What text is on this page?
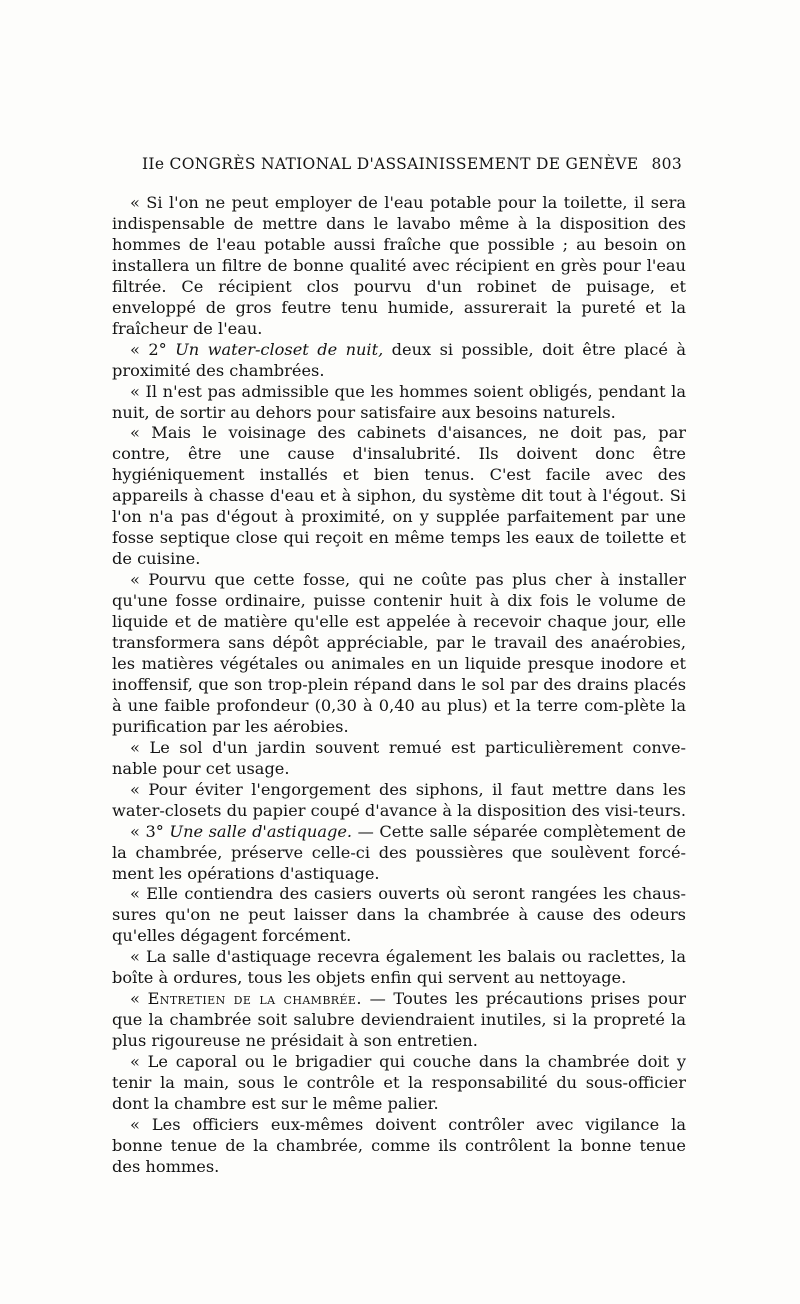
IIe CONGRÈS NATIONAL D'ASSAINISSEMENT DE GENÈVE 803

« Si l'on ne peut employer de l'eau potable pour la toilette, il sera indispensable de mettre dans le lavabo même à la disposition des hommes de l'eau potable aussi fraîche que possible ; au besoin on installera un filtre de bonne qualité avec récipient en grès pour l'eau filtrée. Ce récipient clos pourvu d'un robinet de puisage, et enveloppé de gros feutre tenu humide, assurerait la pureté et la fraîcheur de l'eau.

« 2° Un water-closet de nuit, deux si possible, doit être placé à proximité des chambrées.

« Il n'est pas admissible que les hommes soient obligés, pendant la nuit, de sortir au dehors pour satisfaire aux besoins naturels.

« Mais le voisinage des cabinets d'aisances, ne doit pas, par contre, être une cause d'insalubrité. Ils doivent donc être hygiéniquement installés et bien tenus. C'est facile avec des appareils à chasse d'eau et à siphon, du système dit tout à l'égout. Si l'on n'a pas d'égout à proximité, on y supplée parfaitement par une fosse septique close qui reçoit en même temps les eaux de toilette et de cuisine.

« Pourvu que cette fosse, qui ne coûte pas plus cher à installer qu'une fosse ordinaire, puisse contenir huit à dix fois le volume de liquide et de matière qu'elle est appelée à recevoir chaque jour, elle transformera sans dépôt appréciable, par le travail des anaérobies, les matières végétales ou animales en un liquide presque inodore et inoffensif, que son trop-plein répand dans le sol par des drains placés à une faible profondeur (0,30 à 0,40 au plus) et la terre com-plète la purification par les aérobies.

« Le sol d'un jardin souvent remué est particulièrement conve-nable pour cet usage.

« Pour éviter l'engorgement des siphons, il faut mettre dans les water-closets du papier coupé d'avance à la disposition des visi-teurs.

« 3° Une salle d'astiquage. — Cette salle séparée complètement de la chambrée, préserve celle-ci des poussières que soulèvent forcé-ment les opérations d'astiquage.

« Elle contiendra des casiers ouverts où seront rangées les chaus-sures qu'on ne peut laisser dans la chambrée à cause des odeurs qu'elles dégagent forcément.

« La salle d'astiquage recevra également les balais ou raclettes, la boîte à ordures, tous les objets enfin qui servent au nettoyage.

« Entretien de la chambrée. — Toutes les précautions prises pour que la chambrée soit salubre deviendraient inutiles, si la propreté la plus rigoureuse ne présidait à son entretien.

« Le caporal ou le brigadier qui couche dans la chambrée doit y tenir la main, sous le contrôle et la responsabilité du sous-officier dont la chambre est sur le même palier.

« Les officiers eux-mêmes doivent contrôler avec vigilance la bonne tenue de la chambrée, comme ils contrôlent la bonne tenue des hommes.
